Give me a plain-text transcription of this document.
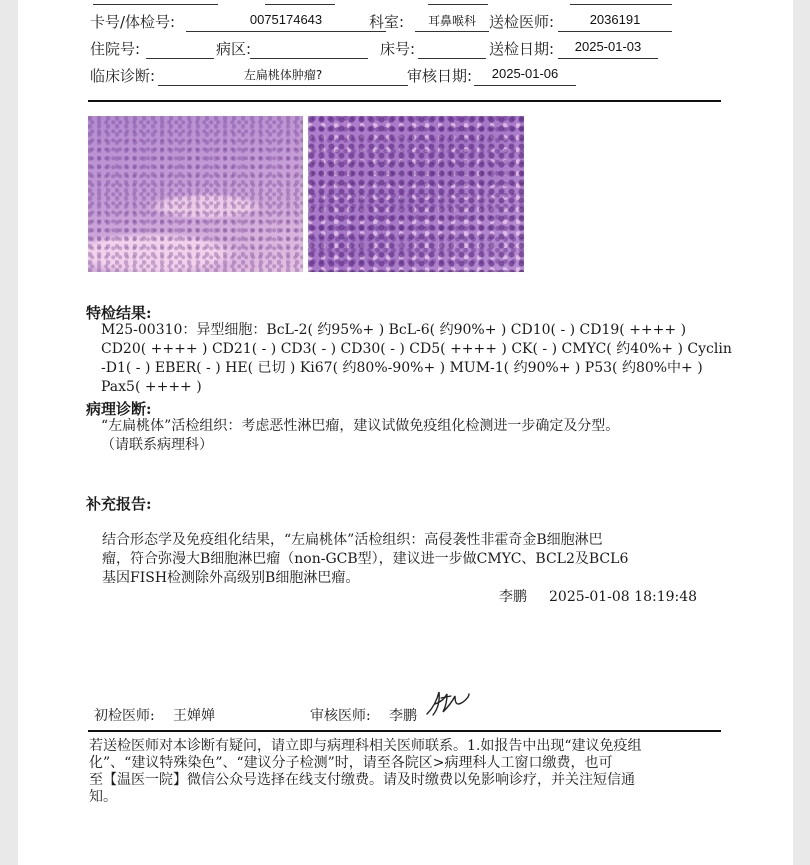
卡号/体检号:	0075174643	科室:	耳鼻喉科 送检医师:	2036191
住院号:	病区:	床号:	送检日期:	2025-01-03
临床诊断:	左扁桃体肿瘤?	审核日期:	2025-01-06
特检结果:
M25-00310：异型细胞：BcL-2( 约95%+ ) BcL-6( 约90%+ ) CD10( - ) CD19( ++++ )
CD20( ++++ ) CD21( - ) CD3( - ) CD30( - ) CD5( ++++ ) CK( - ) CMYC( 约40%+ ) Cyclin
-D1( - ) EBER( - ) HE( 已切 ) Ki67( 约80%-90%+ ) MUM-1( 约90%+ ) P53( 约80%中+ )
Pax5( ++++ )
病理诊断:
“左扁桃体”活检组织：考虑恶性淋巴瘤，建议试做免疫组化检测进一步确定及分型。
（请联系病理科）
补充报告:
结合形态学及免疫组化结果，“左扁桃体”活检组织：高侵袭性非霍奇金B细胞淋巴
瘤，符合弥漫大B细胞淋巴瘤（non-GCB型），建议进一步做CMYC、BCL2及BCL6
基因FISH检测除外高级别B细胞淋巴瘤。
李鹏 2025-01-08 18:19:48
初检医师: 王婵婵	审核医师: 李鹏
若送检医师对本诊断有疑问，请立即与病理科相关医师联系。1.如报告中出现“建议免疫组
化”、“建议特殊染色”、“建议分子检测”时，请至各院区>病理科人工窗口缴费，也可
至【温医一院】微信公众号选择在线支付缴费。请及时缴费以免影响诊疗，并关注短信通
知。
